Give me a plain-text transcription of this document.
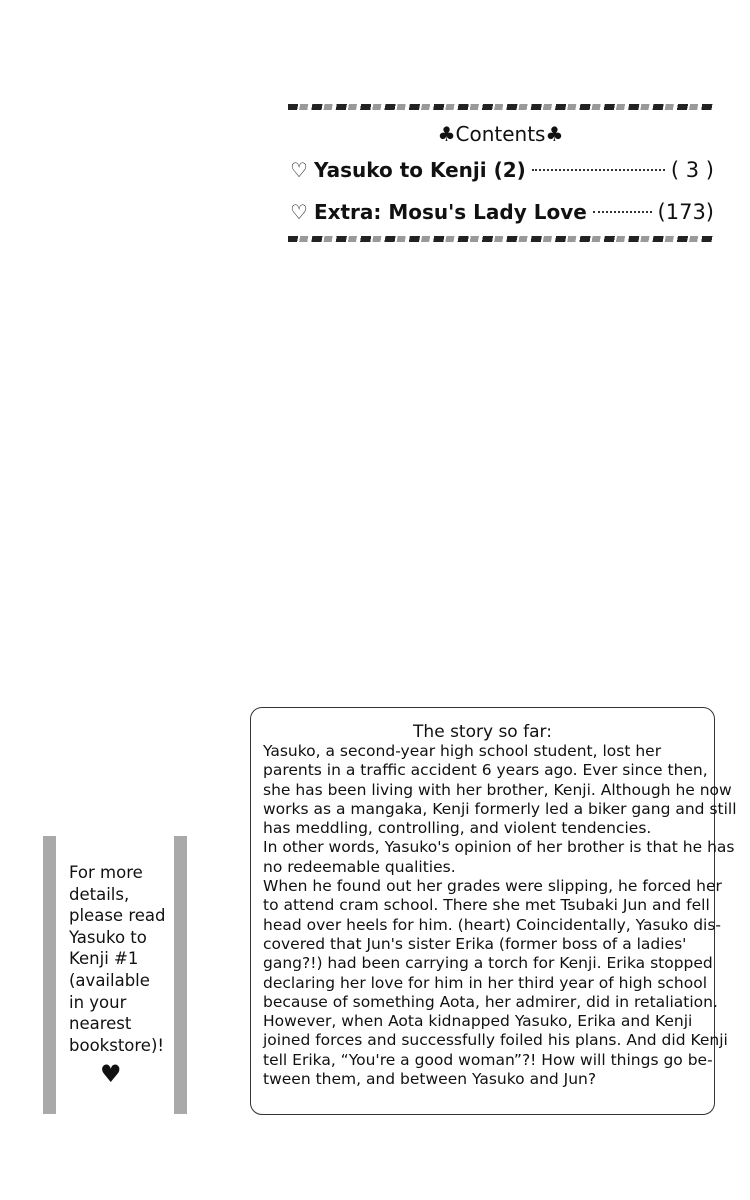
♣Contents♣
♡ Yasuko to Kenji (2)	( 3 )
♡ Extra: Mosu's Lady Love	(173)
For more
details,
please read
Yasuko to
Kenji #1
(available
in your
nearest
bookstore)!
♥
The story so far:
Yasuko, a second-year high school student, lost her
parents in a traffic accident 6 years ago. Ever since then,
she has been living with her brother, Kenji. Although he now
works as a mangaka, Kenji formerly led a biker gang and still
has meddling, controlling, and violent tendencies.
In other words, Yasuko's opinion of her brother is that he has
no redeemable qualities.
When he found out her grades were slipping, he forced her
to attend cram school. There she met Tsubaki Jun and fell
head over heels for him. (heart) Coincidentally, Yasuko dis-
covered that Jun's sister Erika (former boss of a ladies'
gang?!) had been carrying a torch for Kenji. Erika stopped
declaring her love for him in her third year of high school
because of something Aota, her admirer, did in retaliation.
However, when Aota kidnapped Yasuko, Erika and Kenji
joined forces and successfully foiled his plans. And did Kenji
tell Erika, “You're a good woman”?! How will things go be-
tween them, and between Yasuko and Jun?
